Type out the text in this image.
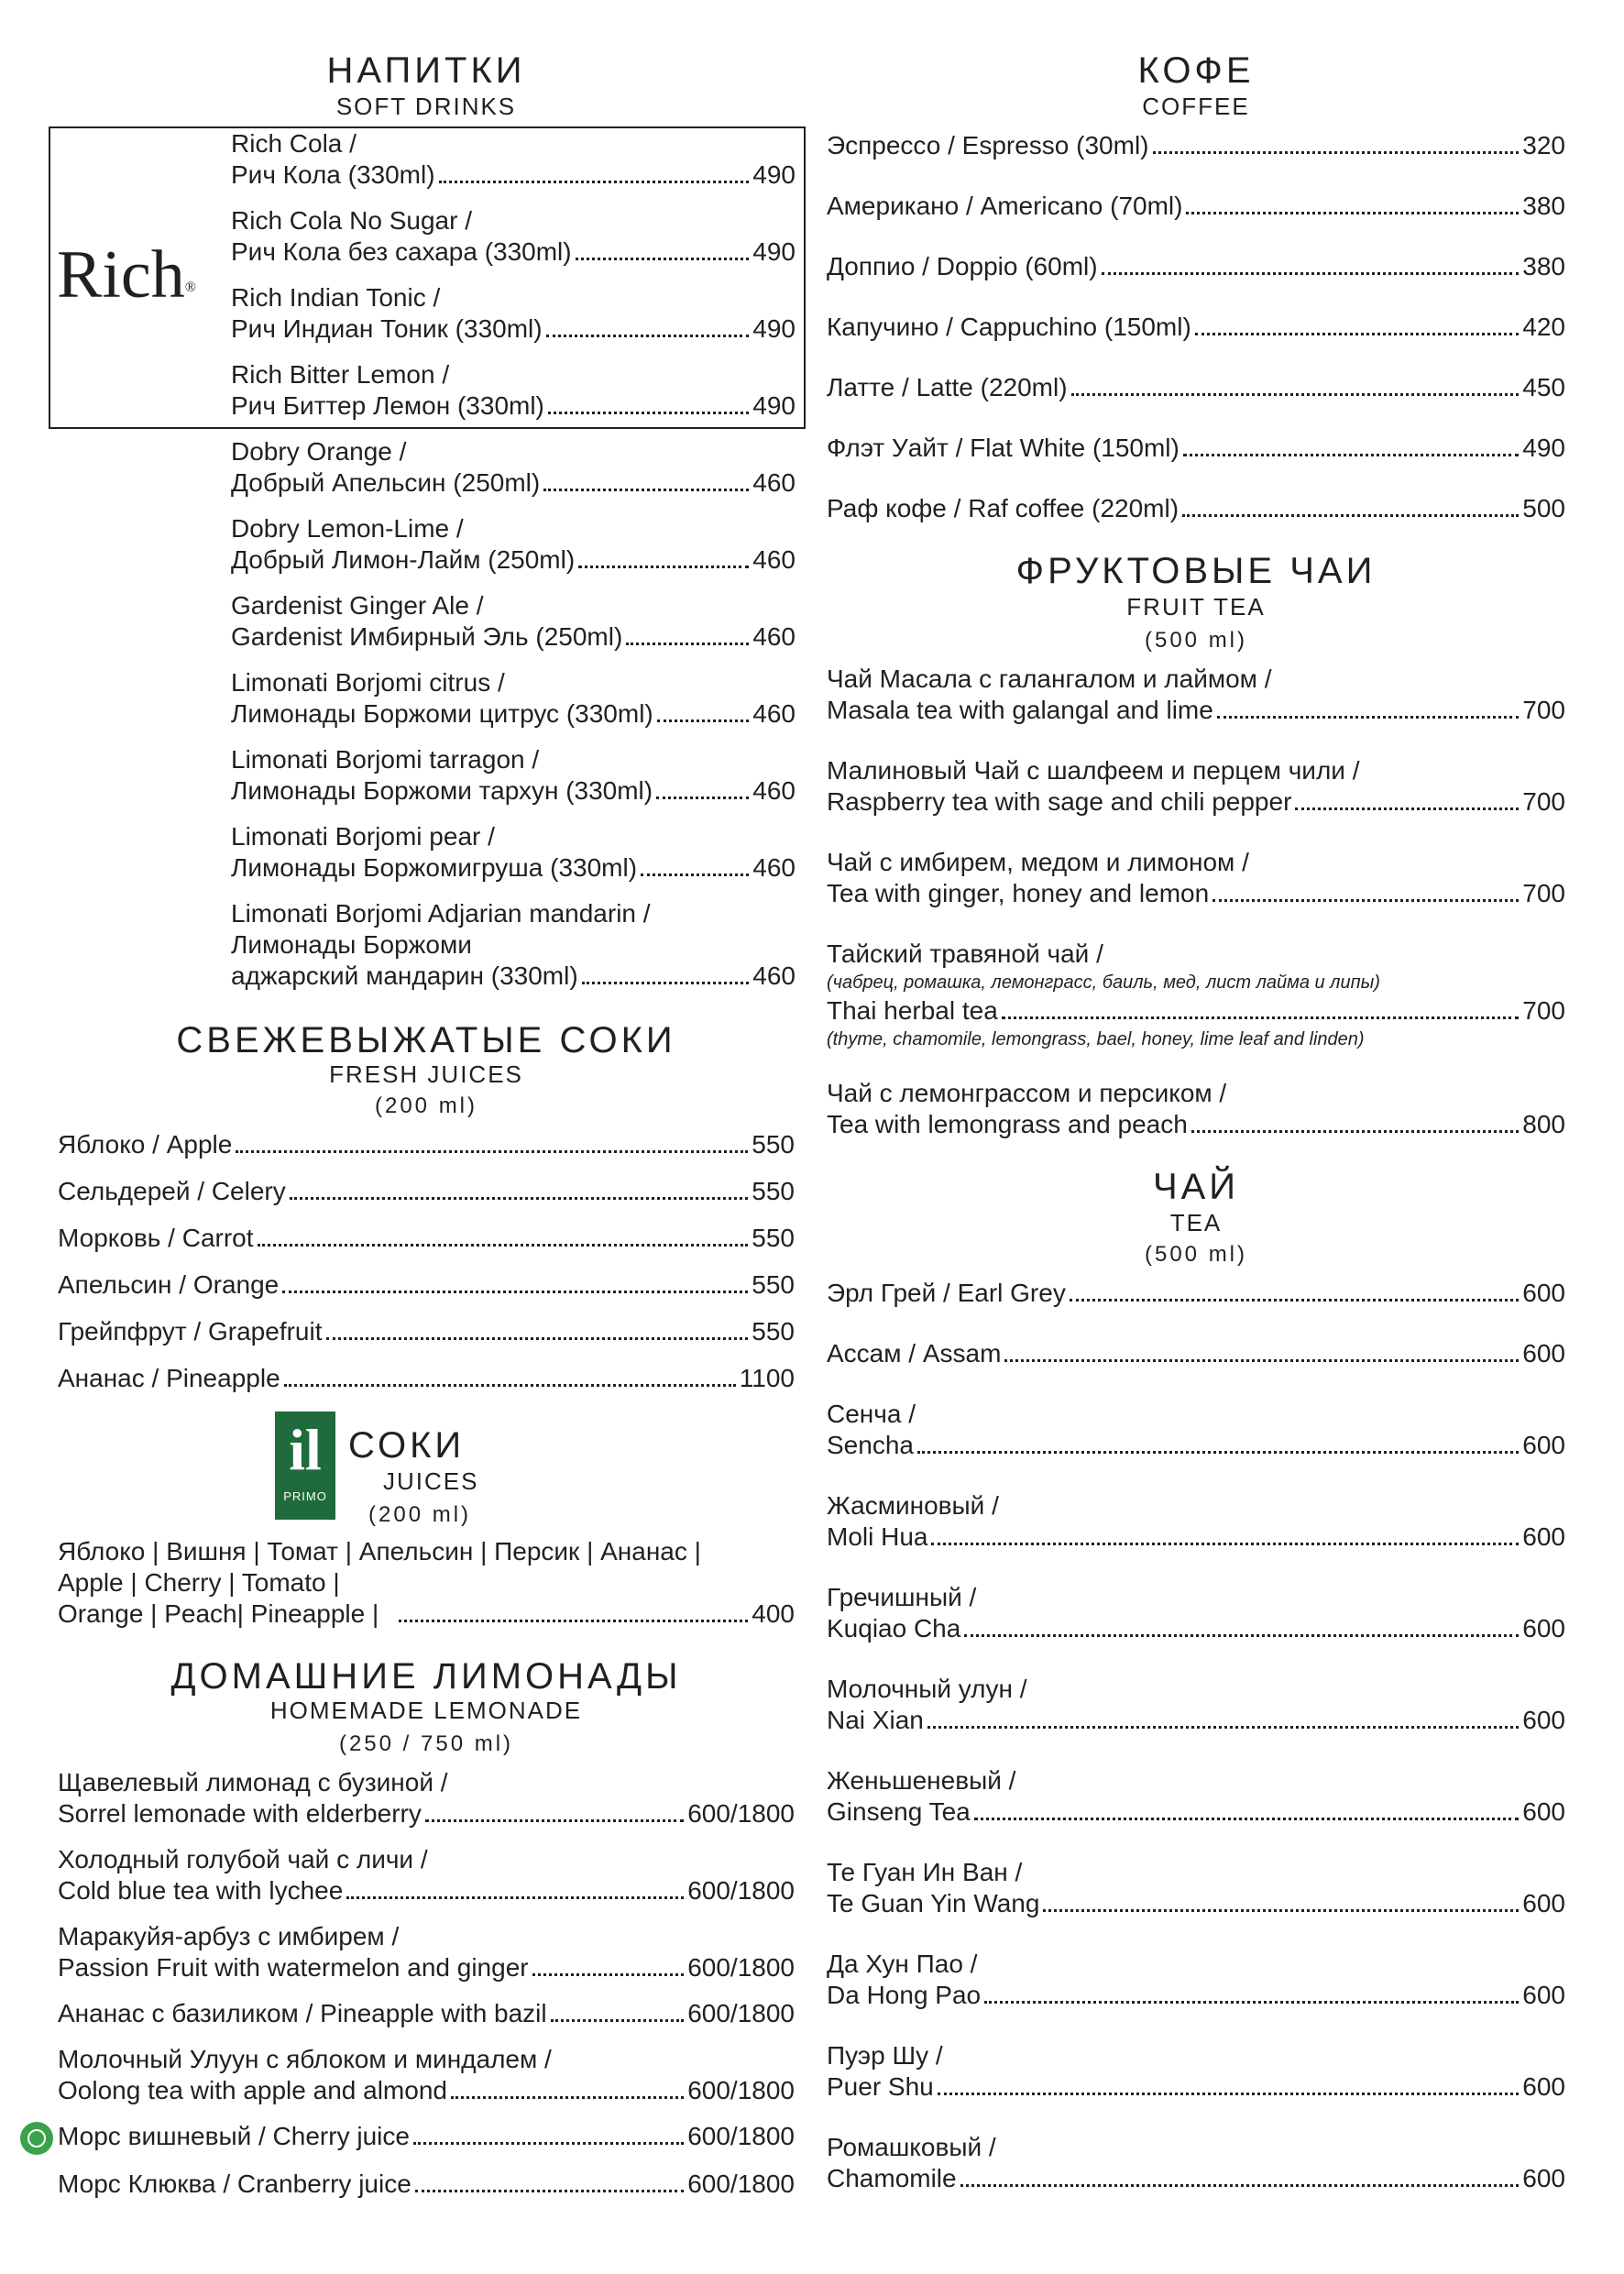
НАПИТКИ
SOFT DRINKS
Rich®
Rich Cola /
Рич Кола (330ml)	490
Rich Cola No Sugar /
Рич Кола без сахара (330ml)	490
Rich Indian Tonic /
Рич Индиан Тоник (330ml)	490
Rich Bitter Lemon /
Рич Биттер Лемон (330ml)	490
Dobry Orange /
Добрый Апельсин (250ml)	460
Dobry Lemon-Lime /
Добрый Лимон-Лайм (250ml)	460
Gardenist Ginger Ale /
Gardenist Имбирный Эль (250ml)	460
Limonati Borjomi citrus /
Лимонады Боржоми цитрус (330ml)	460
Limonati Borjomi tarragon /
Лимонады Боржоми тархун (330ml)	460
Limonati Borjomi pear /
Лимонады Боржомигруша (330ml)	460
Limonati Borjomi Adjarian mandarin /
Лимонады Боржоми
аджарский мандарин (330ml)	460
СВЕЖЕВЫЖАТЫЕ СОКИ
FRESH JUICES
(200 ml)
Яблоко / Apple	550
Сельдерей / Celery	550
Морковь / Carrot	550
Апельсин / Orange	550
Грейпфрут / Grapefruit	550
Ананас / Pineapple	1100
il
PRIMO
СОКИ
JUICES
(200 ml)
Яблоко | Вишня | Томат | Апельсин | Персик | Ананас |
Apple | Cherry | Tomato |
Orange | Peach| Pineapple |	400
ДОМАШНИЕ ЛИМОНАДЫ
HOMEMADE LEMONADE
(250 / 750 ml)
Щавелевый лимонад с бузиной /
Sorrel lemonade with elderberry	600/1800
Холодный голубой чай с личи /
Cold blue tea with lychee	600/1800
Маракуйя-арбуз с имбирем /
Passion Fruit with watermelon and ginger	600/1800
Ананас с базиликом / Pineapple with bazil	600/1800
Молочный Улуун с яблоком и миндалем /
Oolong tea with apple and almond	600/1800
Морс вишневый / Cherry juice	600/1800
Морс Клюква / Cranberry juice	600/1800
КОФЕ
COFFEE
Эспрессо / Espresso (30ml)	320
Американо / Americano (70ml)	380
Доппио / Doppio (60ml)	380
Капучино / Cappuchino (150ml)	420
Латте / Latte (220ml)	450
Флэт Уайт / Flat White (150ml)	490
Раф кофе / Raf coffee (220ml)	500
ФРУКТОВЫЕ ЧАИ
FRUIT TEA
(500 ml)
Чай Масала с галангалом и лаймом /
Masala tea with galangal and lime	700
Малиновый Чай с шалфеем и перцем чили /
Raspberry tea with sage and chili pepper	700
Чай с имбирем, медом и лимоном /
Tea with ginger, honey and lemon	700
Тайский травяной чай /
(чабрец, ромашка, лемонграсс, баиль, мед, лист лайма и липы)
Thai herbal tea	700
(thyme, chamomile, lemongrass, bael, honey, lime leaf and linden)
Чай с лемонграссом и персиком /
Tea with lemongrass and peach	800
ЧАЙ
TEA
(500 ml)
Эрл Грей / Earl Grey	600
Ассам / Assam	600
Сенча /
Sencha	600
Жасминовый /
Moli Hua	600
Гречишный /
Kuqiao Cha	600
Молочный улун /
Nai Xian	600
Женьшеневый /
Ginseng Tea	600
Те Гуан Ин Ван /
Te Guan Yin Wang	600
Да Хун Пао /
Da Hong Pao	600
Пуэр Шу /
Puer Shu	600
Ромашковый /
Chamomile	600
